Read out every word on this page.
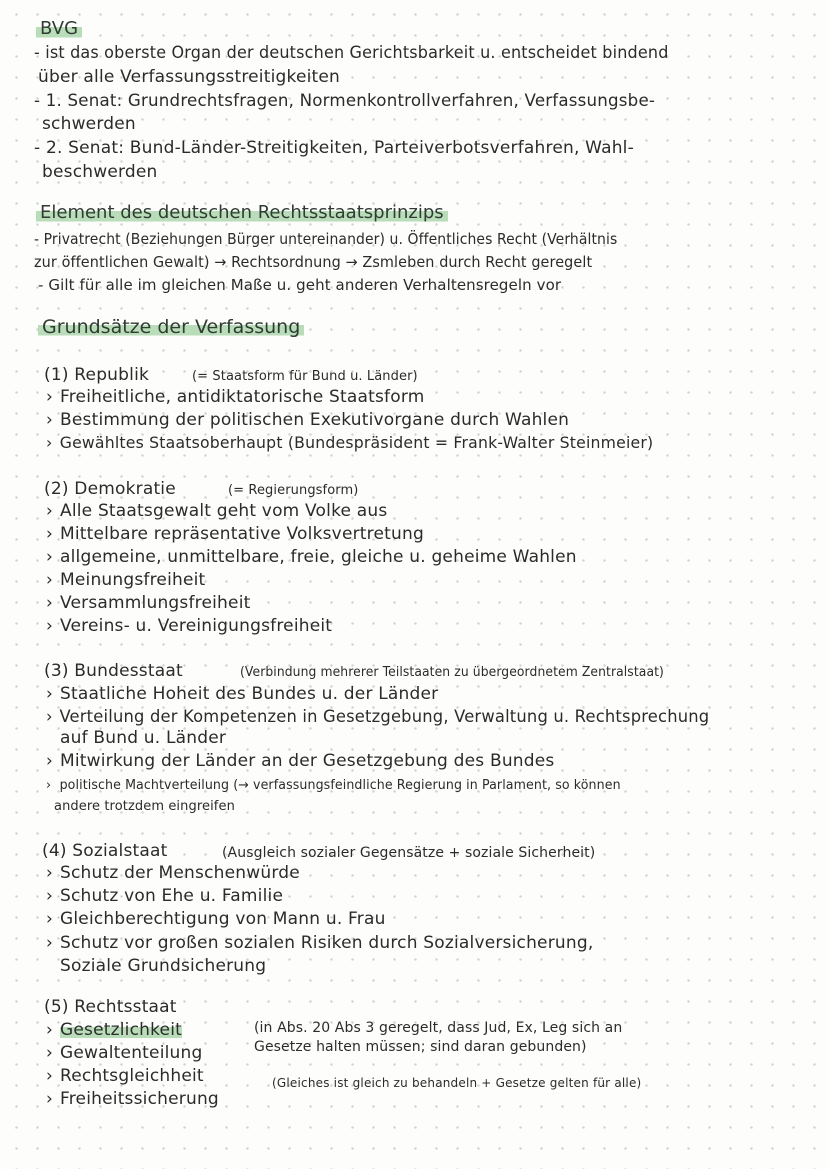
BVG
- ist das oberste Organ der deutschen Gerichtsbarkeit u. entscheidet bindend
über alle Verfassungsstreitigkeiten
- 1. Senat: Grundrechtsfragen, Normenkontrollverfahren, Verfassungsbe-
schwerden
- 2. Senat: Bund-Länder-Streitigkeiten, Parteiverbotsverfahren, Wahl-
beschwerden
Element des deutschen Rechtsstaatsprinzips
- Privatrecht (Beziehungen Bürger untereinander) u. Öffentliches Recht (Verhältnis
zur öffentlichen Gewalt) → Rechtsordnung → Zsmleben durch Recht geregelt
- Gilt für alle im gleichen Maße u. geht anderen Verhaltensregeln vor
Grundsätze der Verfassung
(1) Republik	(= Staatsform für Bund u. Länder)
› Freiheitliche, antidiktatorische Staatsform
› Bestimmung der politischen Exekutivorgane durch Wahlen
› Gewähltes Staatsoberhaupt (Bundespräsident = Frank-Walter Steinmeier)
(2) Demokratie	(= Regierungsform)
› Alle Staatsgewalt geht vom Volke aus
› Mittelbare repräsentative Volksvertretung
› allgemeine, unmittelbare, freie, gleiche u. geheime Wahlen
› Meinungsfreiheit
› Versammlungsfreiheit
› Vereins- u. Vereinigungsfreiheit
(3) Bundesstaat	(Verbindung mehrerer Teilstaaten zu übergeordnetem Zentralstaat)
› Staatliche Hoheit des Bundes u. der Länder
› Verteilung der Kompetenzen in Gesetzgebung, Verwaltung u. Rechtsprechung
auf Bund u. Länder
› Mitwirkung der Länder an der Gesetzgebung des Bundes
› politische Machtverteilung (→ verfassungsfeindliche Regierung in Parlament, so können
andere trotzdem eingreifen
(4) Sozialstaat	(Ausgleich sozialer Gegensätze + soziale Sicherheit)
› Schutz der Menschenwürde
› Schutz von Ehe u. Familie
› Gleichberechtigung von Mann u. Frau
› Schutz vor großen sozialen Risiken durch Sozialversicherung,
Soziale Grundsicherung
(5) Rechtsstaat
› Gesetzlichkeit
› Gewaltenteilung
› Rechtsgleichheit
› Freiheitssicherung
(in Abs. 20 Abs 3 geregelt, dass Jud, Ex, Leg sich an
Gesetze halten müssen; sind daran gebunden)
(Gleiches ist gleich zu behandeln + Gesetze gelten für alle)
